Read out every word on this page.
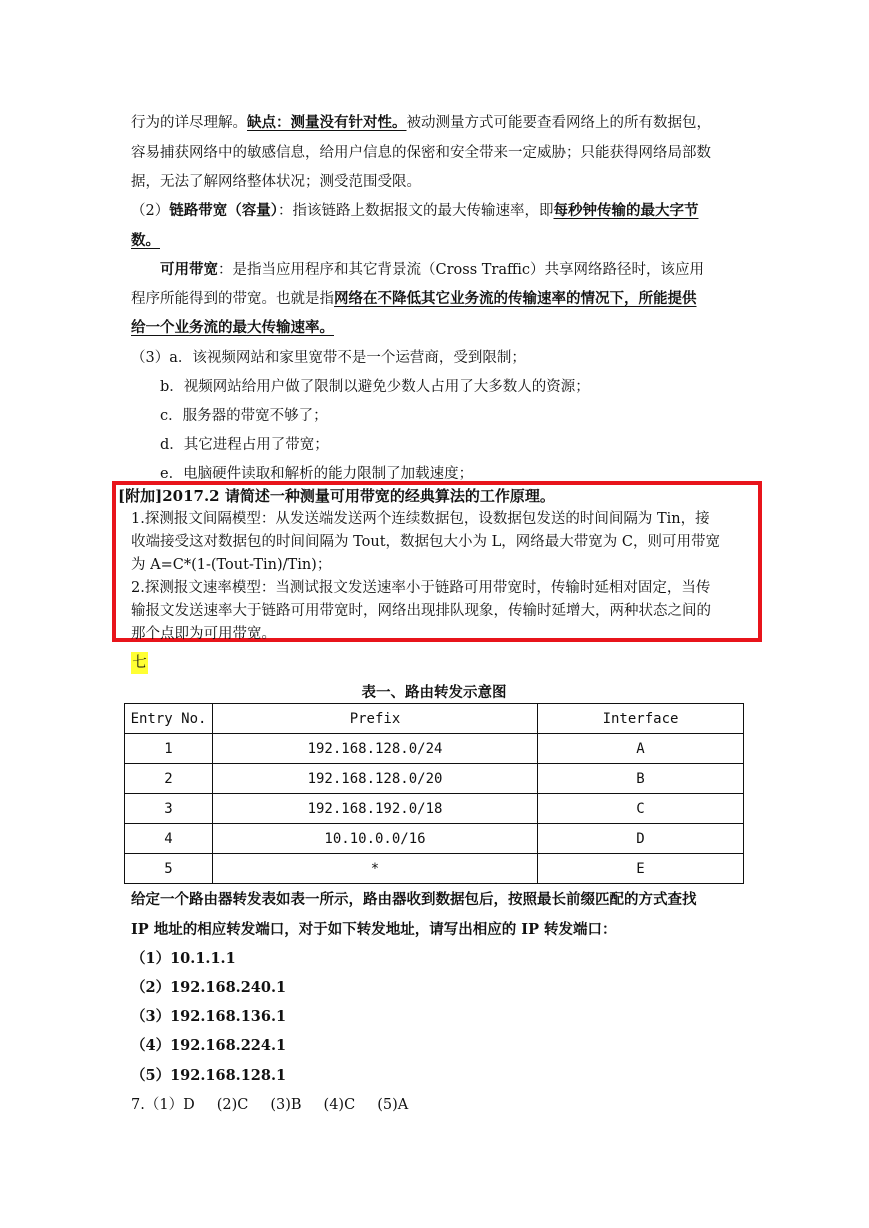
行为的详尽理解。缺点：测量没有针对性。被动测量方式可能要查看网络上的所有数据包，
容易捕获网络中的敏感信息，给用户信息的保密和安全带来一定威胁；只能获得网络局部数
据，无法了解网络整体状况；测受范围受限。
（2）链路带宽（容量）：指该链路上数据报文的最大传输速率，即每秒钟传输的最大字节
数。
可用带宽：是指当应用程序和其它背景流（Cross Traffic）共享网络路径时，该应用
程序所能得到的带宽。也就是指网络在不降低其它业务流的传输速率的情况下，所能提供
给一个业务流的最大传输速率。
（3）a．该视频网站和家里宽带不是一个运营商，受到限制；
b．视频网站给用户做了限制以避免少数人占用了大多数人的资源；
c．服务器的带宽不够了；
d．其它进程占用了带宽；
e．电脑硬件读取和解析的能力限制了加载速度；
[附加]2017.2 请简述一种测量可用带宽的经典算法的工作原理。
1.探测报文间隔模型：从发送端发送两个连续数据包，设数据包发送的时间间隔为 Tin，接
收端接受这对数据包的时间间隔为 Tout，数据包大小为 L，网络最大带宽为 C，则可用带宽
为 A=C*(1-(Tout-Tin)/Tin)；
2.探测报文速率模型：当测试报文发送速率小于链路可用带宽时，传输时延相对固定，当传
输报文发送速率大于链路可用带宽时，网络出现排队现象，传输时延增大，两种状态之间的
那个点即为可用带宽。
七
表一、路由转发示意图
Entry No.	Prefix	Interface
1	192.168.128.0/24	A
2	192.168.128.0/20	B
3	192.168.192.0/18	C
4	10.10.0.0/16	D
5	*	E
给定一个路由器转发表如表一所示，路由器收到数据包后，按照最长前缀匹配的方式查找
IP 地址的相应转发端口，对于如下转发地址，请写出相应的 IP 转发端口：
（1）10.1.1.1
（2）192.168.240.1
（3）192.168.136.1
（4）192.168.224.1
（5）192.168.128.1
7.（1）D (2)C (3)B (4)C (5)A
